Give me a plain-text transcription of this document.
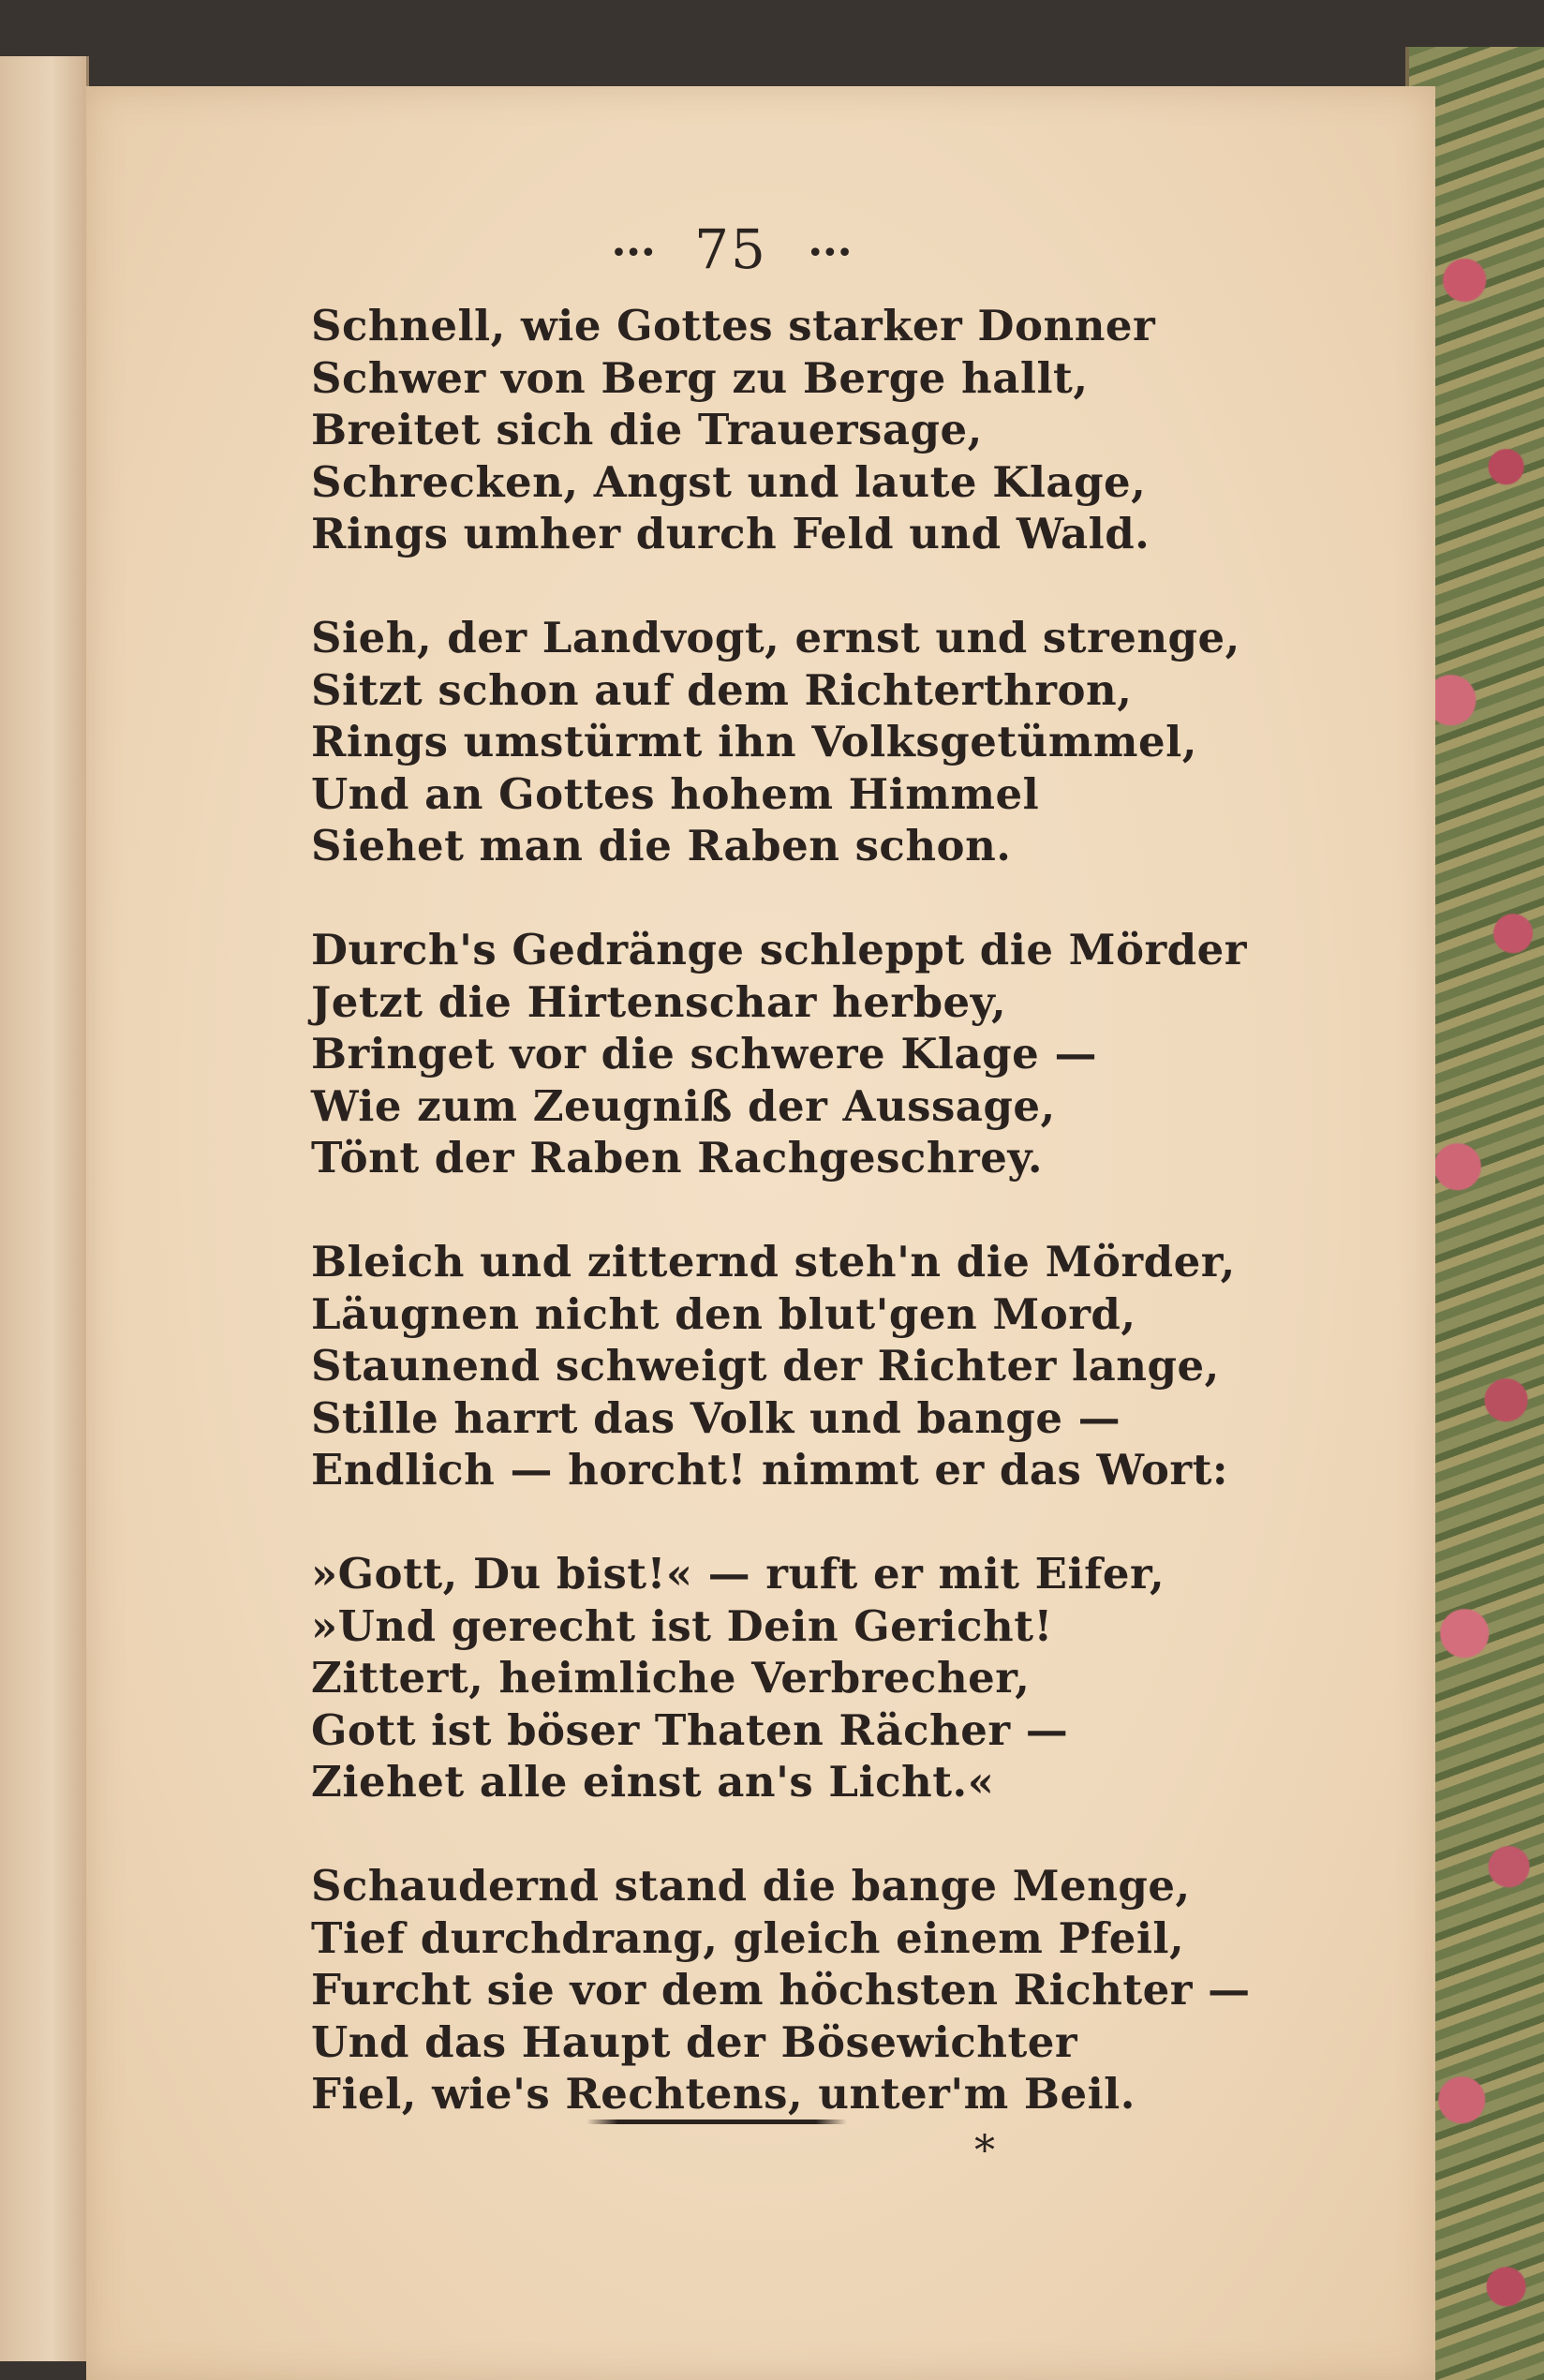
••• 75 •••
Schnell, wie Gottes starker Donner
Schwer von Berg zu Berge hallt,
Breitet sich die Trauersage,
Schrecken, Angst und laute Klage,
Rings umher durch Feld und Wald.
Sieh, der Landvogt, ernst und strenge,
Sitzt schon auf dem Richterthron,
Rings umstürmt ihn Volksgetümmel,
Und an Gottes hohem Himmel
Siehet man die Raben schon.
Durch's Gedränge schleppt die Mörder
Jetzt die Hirtenschar herbey,
Bringet vor die schwere Klage —
Wie zum Zeugniß der Aussage,
Tönt der Raben Rachgeschrey.
Bleich und zitternd steh'n die Mörder,
Läugnen nicht den blut'gen Mord,
Staunend schweigt der Richter lange,
Stille harrt das Volk und bange —
Endlich — horcht! nimmt er das Wort:
»Gott, Du bist!« — ruft er mit Eifer,
»Und gerecht ist Dein Gericht!
Zittert, heimliche Verbrecher,
Gott ist böser Thaten Rächer —
Ziehet alle einst an's Licht.«
Schaudernd stand die bange Menge,
Tief durchdrang, gleich einem Pfeil,
Furcht sie vor dem höchsten Richter —
Und das Haupt der Bösewichter
Fiel, wie's Rechtens, unter'm Beil.
*
